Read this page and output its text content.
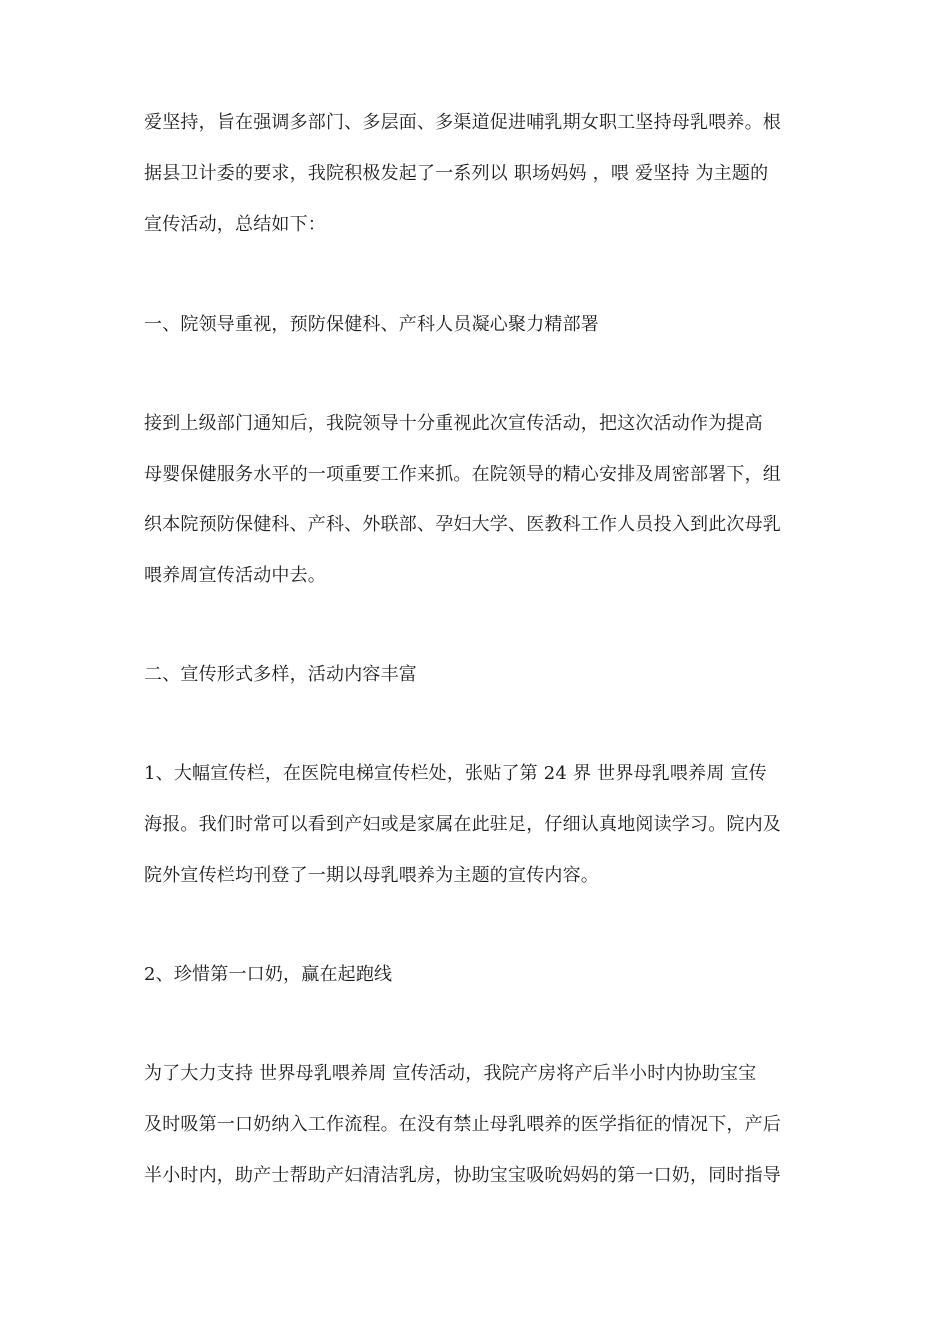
爱坚持，旨在强调多部门、多层面、多渠道促进哺乳期女职工坚持母乳喂养。根
据县卫计委的要求，我院积极发起了一系列以 职场妈妈 ，喂 爱坚持 为主题的
宣传活动，总结如下：
一、院领导重视，预防保健科、产科人员凝心聚力精部署
接到上级部门通知后，我院领导十分重视此次宣传活动，把这次活动作为提高
母婴保健服务水平的一项重要工作来抓。在院领导的精心安排及周密部署下，组
织本院预防保健科、产科、外联部、孕妇大学、医教科工作人员投入到此次母乳
喂养周宣传活动中去。
二、宣传形式多样，活动内容丰富
1、大幅宣传栏，在医院电梯宣传栏处，张贴了第 24 界 世界母乳喂养周 宣传
海报。我们时常可以看到产妇或是家属在此驻足，仔细认真地阅读学习。院内及
院外宣传栏均刊登了一期以母乳喂养为主题的宣传内容。
2、珍惜第一口奶，赢在起跑线
为了大力支持 世界母乳喂养周 宣传活动，我院产房将产后半小时内协助宝宝
及时吸第一口奶纳入工作流程。在没有禁止母乳喂养的医学指征的情况下，产后
半小时内，助产士帮助产妇清洁乳房，协助宝宝吸吮妈妈的第一口奶，同时指导
